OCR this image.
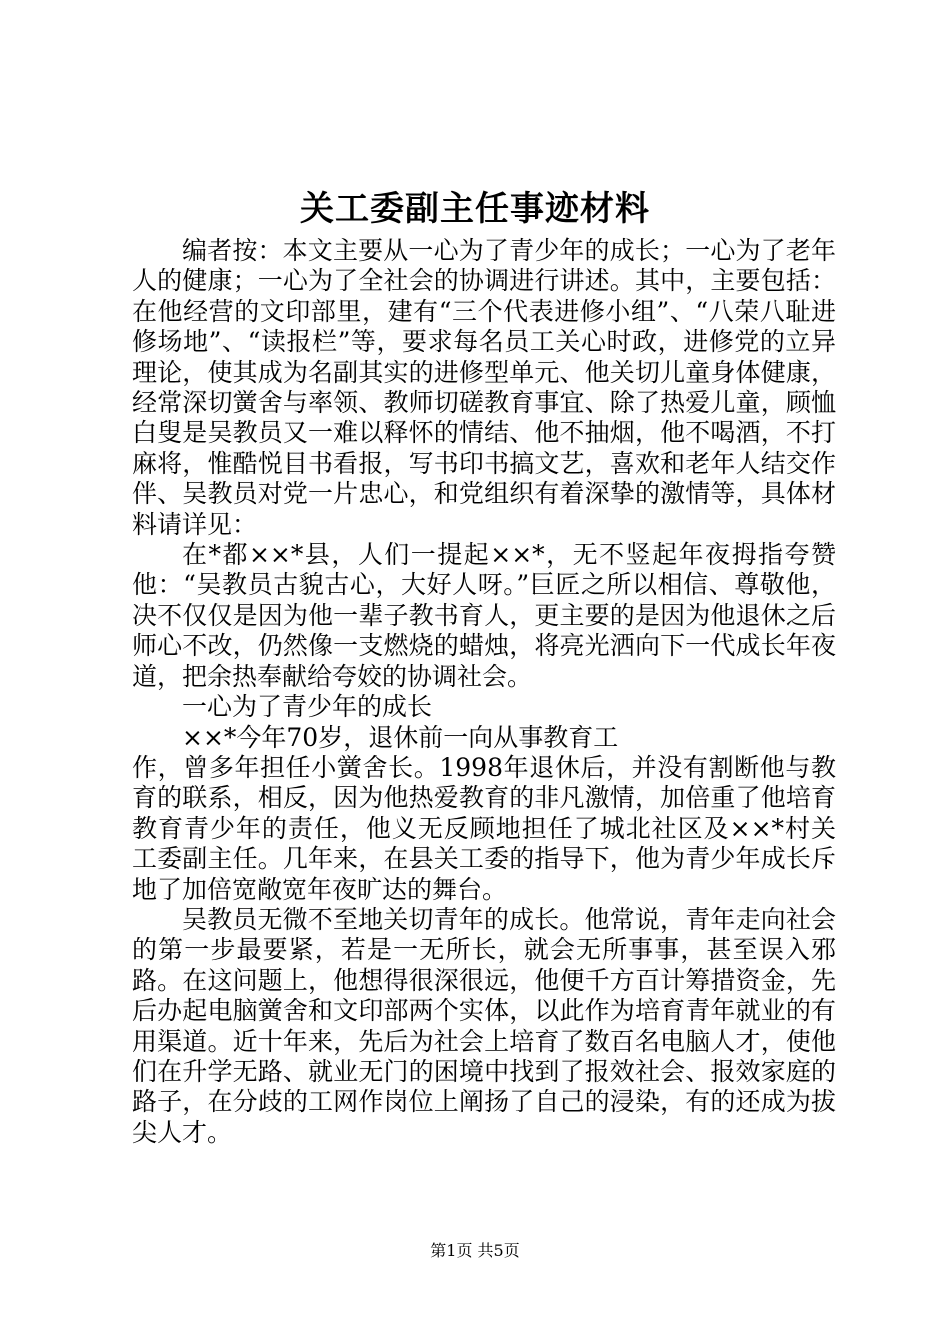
关工委副主任事迹材料

编者按：本文主要从一心为了青少年的成长；一心为了老年人的健康；一心为了全社会的协调进行讲述。其中，主要包括：在他经营的文印部里，建有“三个代表进修小组”、“八荣八耻进修场地”、“读报栏”等，要求每名员工关心时政，进修党的立异理论，使其成为名副其实的进修型单元、他关切儿童身体健康，经常深切黉舍与率领、教师切磋教育事宜、除了热爱儿童，顾恤白叟是吴教员又一难以释怀的情结、他不抽烟，他不喝酒，不打麻将，惟酷悦目书看报，写书印书搞文艺，喜欢和老年人结交作伴、吴教员对党一片忠心，和党组织有着深挚的激情等，具体材料请详见：

在*都××*县，人们一提起××*，无不竖起年夜拇指夸赞他：“吴教员古貌古心，大好人呀。”巨匠之所以相信、尊敬他，决不仅仅是因为他一辈子教书育人，更主要的是因为他退休之后师心不改，仍然像一支燃烧的蜡烛，将亮光洒向下一代成长年夜道，把余热奉献给夸姣的协调社会。

一心为了青少年的成长

××*今年70岁，退休前一向从事教育工

作，曾多年担任小黉舍长。1998年退休后，并没有割断他与教育的联系，相反，因为他热爱教育的非凡激情，加倍重了他培育教育青少年的责任，他义无反顾地担任了城北社区及××*村关工委副主任。几年来，在县关工委的指导下，他为青少年成长斥地了加倍宽敞宽年夜旷达的舞台。

吴教员无微不至地关切青年的成长。他常说，青年走向社会的第一步最要紧，若是一无所长，就会无所事事，甚至误入邪路。在这问题上，他想得很深很远，他便千方百计筹措资金，先后办起电脑黉舍和文印部两个实体，以此作为培育青年就业的有用渠道。近十年来，先后为社会上培育了数百名电脑人才，使他们在升学无路、就业无门的困境中找到了报效社会、报效家庭的路子，在分歧的工网作岗位上阐扬了自己的浸染，有的还成为拔尖人才。

第1页 共5页
